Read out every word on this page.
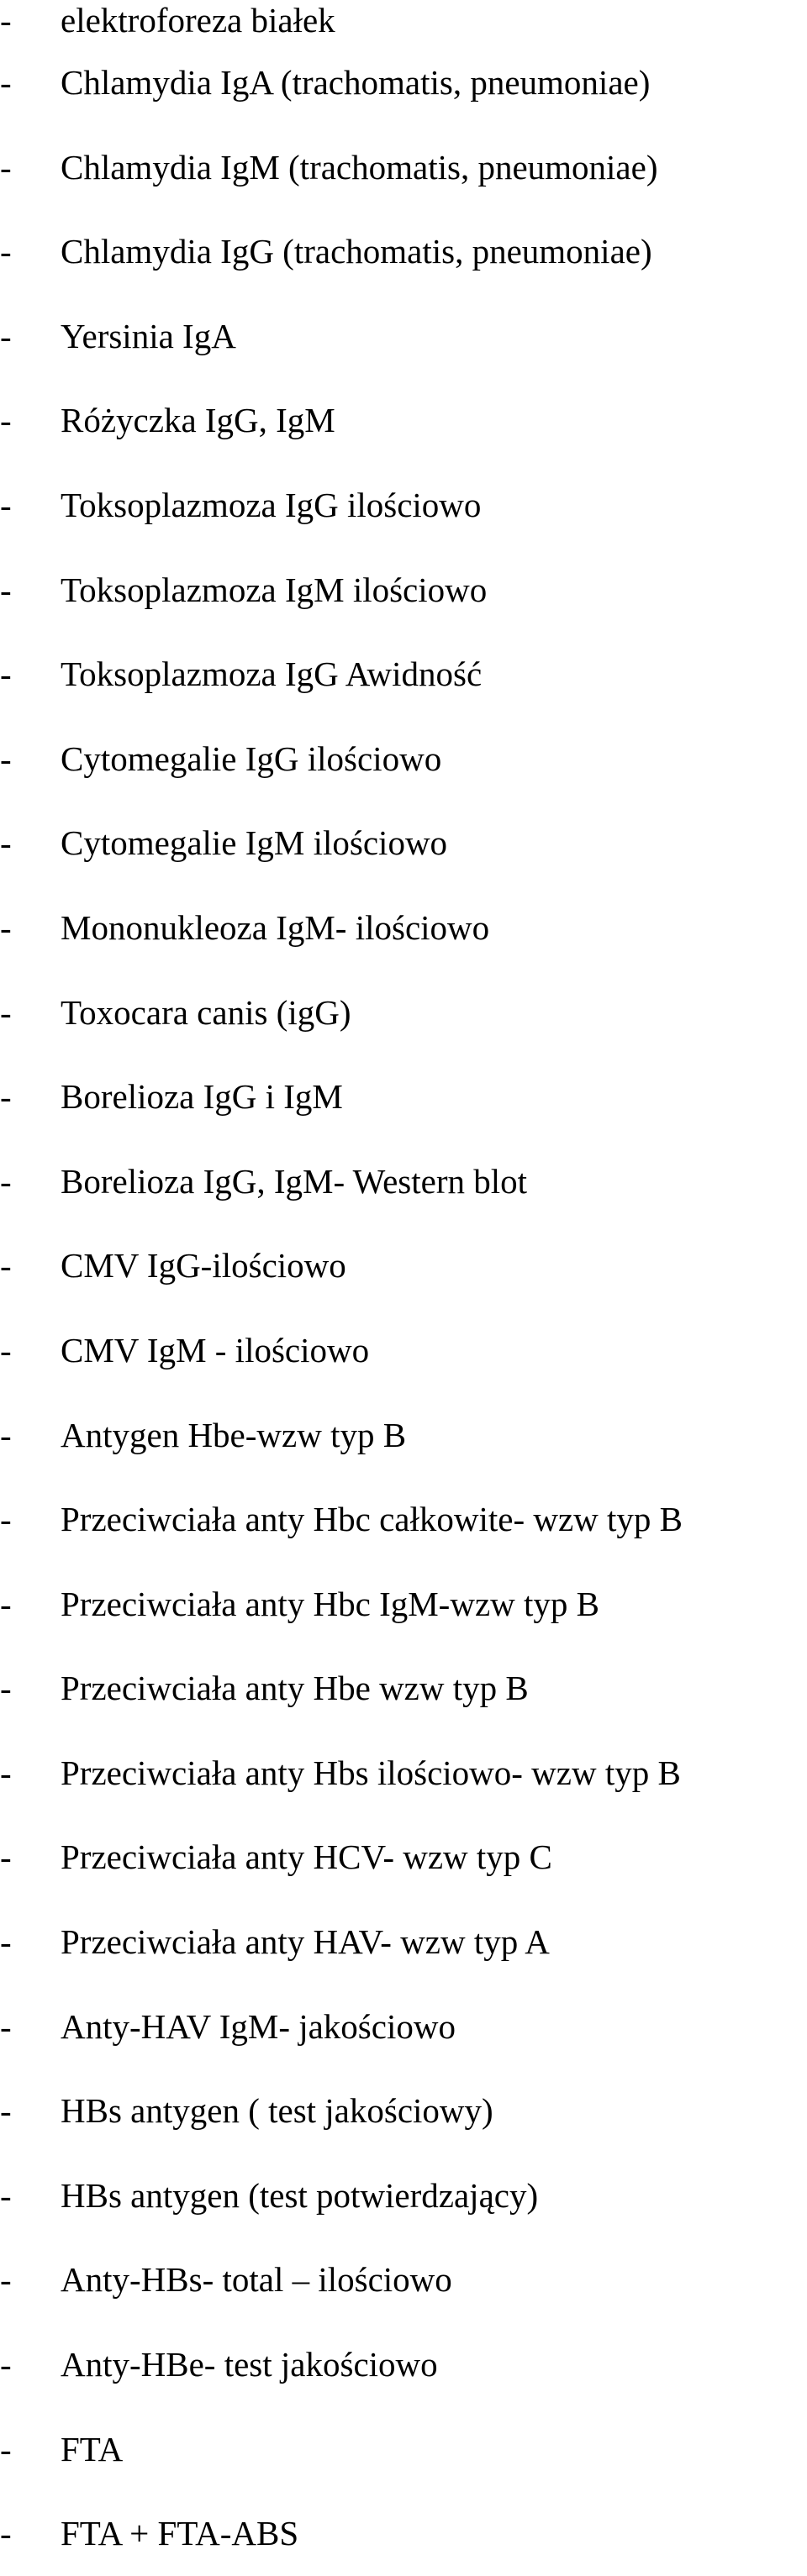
- elektroforeza białek
- Chlamydia IgA (trachomatis, pneumoniae)
- Chlamydia IgM (trachomatis, pneumoniae)
- Chlamydia IgG (trachomatis, pneumoniae)
- Yersinia IgA
- Różyczka IgG, IgM
- Toksoplazmoza IgG ilościowo
- Toksoplazmoza IgM ilościowo
- Toksoplazmoza IgG Awidność
- Cytomegalie IgG ilościowo
- Cytomegalie IgM ilościowo
- Mononukleoza IgM- ilościowo
- Toxocara canis (igG)
- Borelioza IgG i IgM
- Borelioza IgG, IgM- Western blot
- CMV IgG-ilościowo
- CMV IgM - ilościowo
- Antygen Hbe-wzw typ B
- Przeciwciała anty Hbc całkowite- wzw typ B
- Przeciwciała anty Hbc IgM-wzw typ B
- Przeciwciała anty Hbe wzw typ B
- Przeciwciała anty Hbs ilościowo- wzw typ B
- Przeciwciała anty HCV- wzw typ C
- Przeciwciała anty HAV- wzw typ A
- Anty-HAV IgM- jakościowo
- HBs antygen ( test jakościowy)
- HBs antygen (test potwierdzający)
- Anty-HBs- total – ilościowo
- Anty-HBe- test jakościowo
- FTA
- FTA + FTA-ABS
